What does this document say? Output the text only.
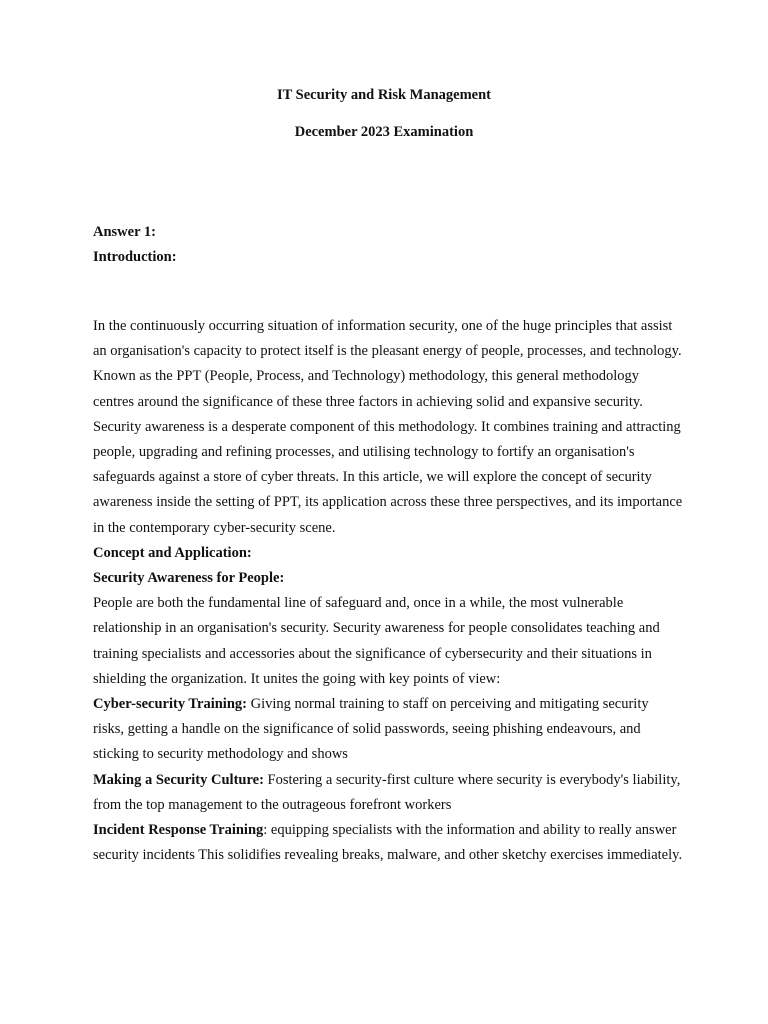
IT Security and Risk Management
December 2023 Examination
Answer 1:
Introduction:

In the continuously occurring situation of information security, one of the huge principles that assist an organisation's capacity to protect itself is the pleasant energy of people, processes, and technology. Known as the PPT (People, Process, and Technology) methodology, this general methodology centres around the significance of these three factors in achieving solid and expansive security. Security awareness is a desperate component of this methodology. It combines training and attracting people, upgrading and refining processes, and utilising technology to fortify an organisation's safeguards against a store of cyber threats. In this article, we will explore the concept of security awareness inside the setting of PPT, its application across these three perspectives, and its importance in the contemporary cyber-security scene.

Concept and Application:

Security Awareness for People:

People are both the fundamental line of safeguard and, once in a while, the most vulnerable relationship in an organisation's security. Security awareness for people consolidates teaching and training specialists and accessories about the significance of cybersecurity and their situations in shielding the organization. It unites the going with key points of view:

Cyber-security Training: Giving normal training to staff on perceiving and mitigating security risks, getting a handle on the significance of solid passwords, seeing phishing endeavours, and sticking to security methodology and shows

Making a Security Culture: Fostering a security-first culture where security is everybody's liability, from the top management to the outrageous forefront workers

Incident Response Training: equipping specialists with the information and ability to really answer security incidents This solidifies revealing breaks, malware, and other sketchy exercises immediately.
